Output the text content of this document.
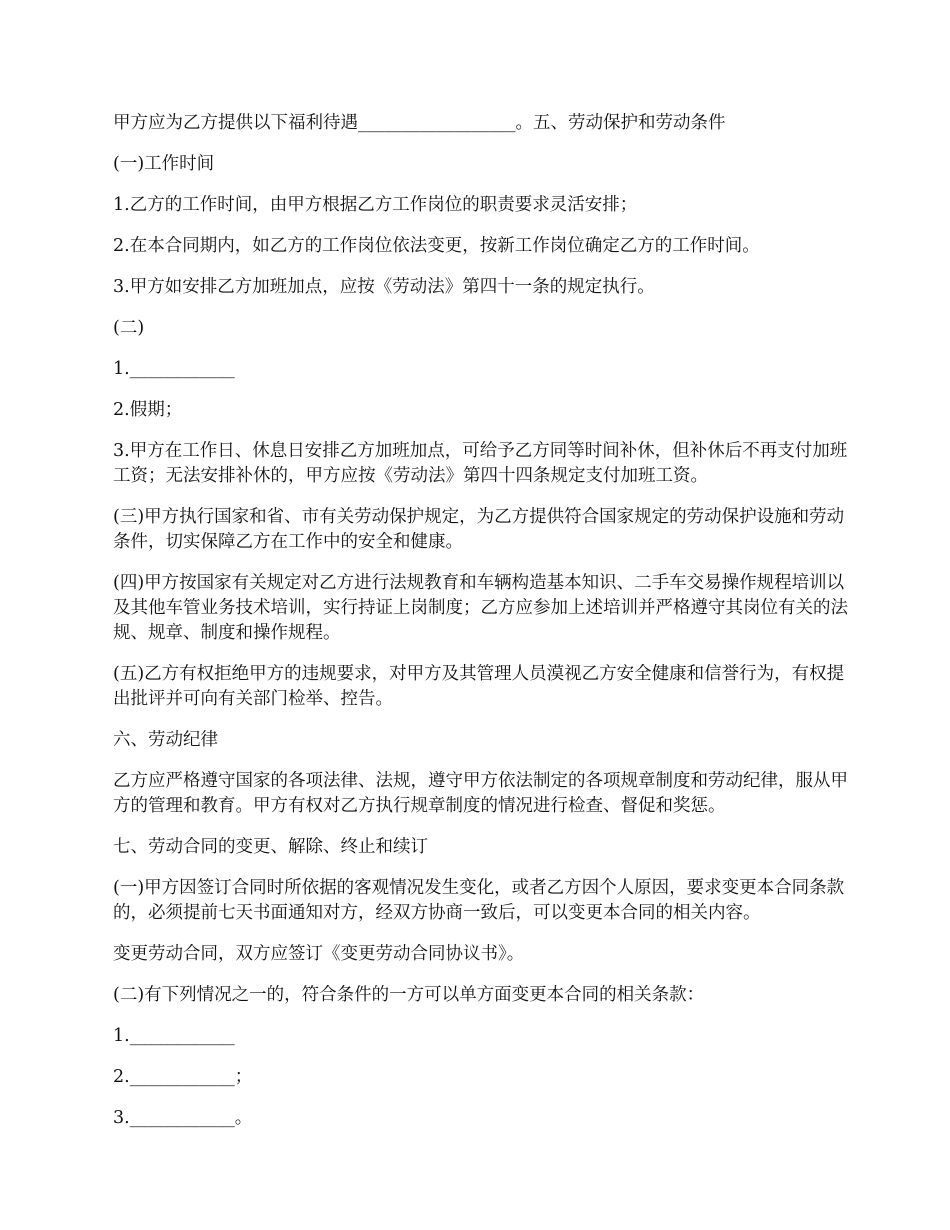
甲方应为乙方提供以下福利待遇__________________。五、劳动保护和劳动条件

(一)工作时间

1.乙方的工作时间，由甲方根据乙方工作岗位的职责要求灵活安排；

2.在本合同期内，如乙方的工作岗位依法变更，按新工作岗位确定乙方的工作时间。

3.甲方如安排乙方加班加点，应按《劳动法》第四十一条的规定执行。

(二)

1.____________

2.假期；

3.甲方在工作日、休息日安排乙方加班加点，可给予乙方同等时间补休，但补休后不再支付加班工资；无法安排补休的，甲方应按《劳动法》第四十四条规定支付加班工资。

(三)甲方执行国家和省、市有关劳动保护规定，为乙方提供符合国家规定的劳动保护设施和劳动条件，切实保障乙方在工作中的安全和健康。

(四)甲方按国家有关规定对乙方进行法规教育和车辆构造基本知识、二手车交易操作规程培训以及其他车管业务技术培训，实行持证上岗制度；乙方应参加上述培训并严格遵守其岗位有关的法规、规章、制度和操作规程。

(五)乙方有权拒绝甲方的违规要求，对甲方及其管理人员漠视乙方安全健康和信誉行为，有权提出批评并可向有关部门检举、控告。

六、劳动纪律

乙方应严格遵守国家的各项法律、法规，遵守甲方依法制定的各项规章制度和劳动纪律，服从甲方的管理和教育。甲方有权对乙方执行规章制度的情况进行检查、督促和奖惩。

七、劳动合同的变更、解除、终止和续订

(一)甲方因签订合同时所依据的客观情况发生变化，或者乙方因个人原因，要求变更本合同条款的，必须提前七天书面通知对方，经双方协商一致后，可以变更本合同的相关内容。

变更劳动合同，双方应签订《变更劳动合同协议书》。

(二)有下列情况之一的，符合条件的一方可以单方面变更本合同的相关条款：

1.____________

2.____________；

3.____________。
